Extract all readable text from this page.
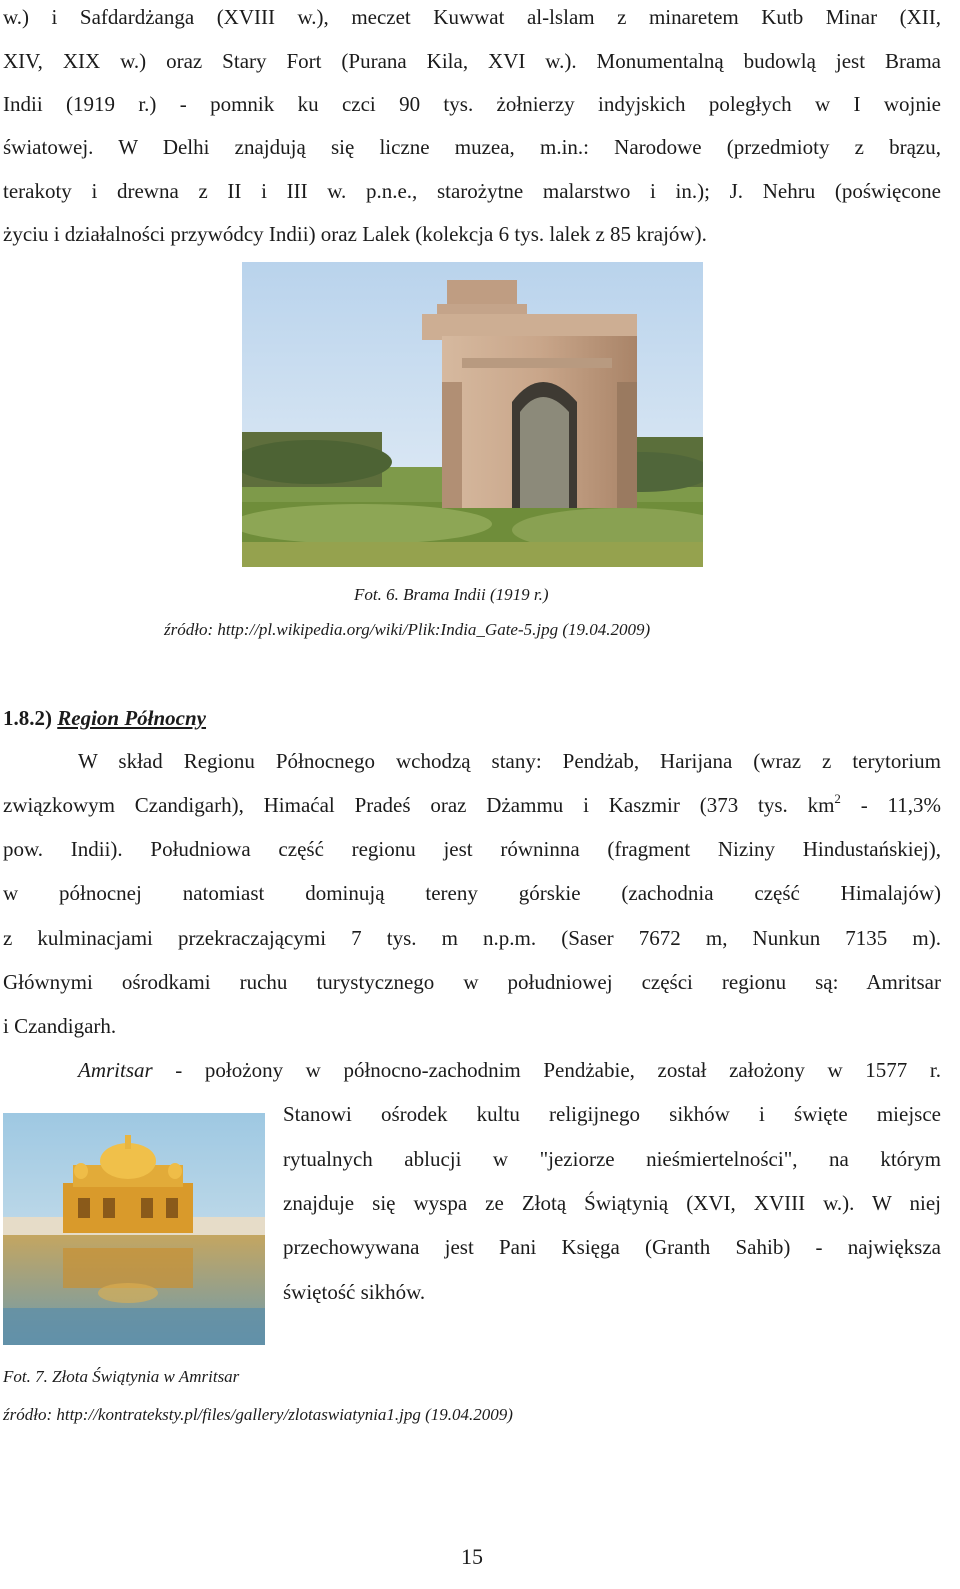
w.) i Safdardżanga (XVIII w.), meczet Kuwwat al-lslam z minaretem Kutb Minar (XII,
XIV, XIX w.) oraz Stary Fort (Purana Kila, XVI w.). Monumentalną budowlą jest Brama
Indii (1919 r.) - pomnik ku czci 90 tys. żołnierzy indyjskich poległych w I wojnie
światowej. W Delhi znajdują się liczne muzea, m.in.: Narodowe (przedmioty z brązu,
terakoty i drewna z II i III w. p.n.e., starożytne malarstwo i in.); J. Nehru (poświęcone
życiu i działalności przywódcy Indii) oraz Lalek (kolekcja 6 tys. lalek z 85 krajów).
Fot. 6. Brama Indii (1919 r.)
źródło: http://pl.wikipedia.org/wiki/Plik:India_Gate-5.jpg (19.04.2009)
1.8.2) Region Północny
W skład Regionu Północnego wchodzą stany: Pendżab, Harijana (wraz z terytorium
związkowym Czandigarh), Himaćal Pradeś oraz Dżammu i Kaszmir (373 tys. $km^2 - 11,3\%$
pow. Indii). Południowa część regionu jest równinna (fragment Niziny Hindustańskiej),
w północnej natomiast dominują tereny górskie (zachodnia część Himalajów)
z kulminacjami przekraczającymi 7 tys. m n.p.m. (Saser 7672 m, Nunkun 7135 m).
Głównymi ośrodkami ruchu turystycznego w południowej części regionu są: Amritsar
i Czandigarh.
Amritsar - położony w północno-zachodnim Pendżabie, został założony w 1577 r.
Stanowi ośrodek kultu religijnego sikhów i święte miejsce
rytualnych ablucji w "jeziorze nieśmiertelności", na którym
znajduje się wyspa ze Złotą Świątynią (XVI, XVIII w.). W niej
przechowywana jest Pani Księga (Granth Sahib) - największa
świętość sikhów.
Fot. 7. Złota Świątynia w Amritsar
źródło: http://kontrateksty.pl/files/gallery/zlotaswiatynia1.jpg (19.04.2009)
15
